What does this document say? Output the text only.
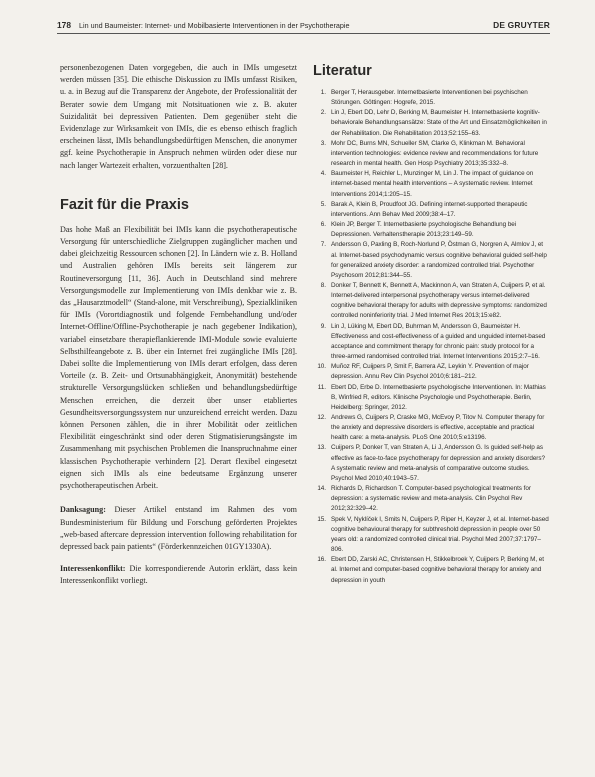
178 Lin und Baumeister: Internet- und Mobilbasierte Interventionen in der Psychotherapie	DE GRUYTER

personenbezogenen Daten vorgegeben, die auch in IMIs umgesetzt werden müssen [35]. Die ethische Diskussion zu IMIs umfasst Risiken, u. a. in Bezug auf die Transparenz der Angebote, der Professionalität der Berater sowie dem Umgang mit Notsituationen wie z. B. akuter Suizidalität bei depressiven Patienten. Dem gegenüber steht die Evidenzlage zur Wirksamkeit von IMIs, die es ebenso ethisch fraglich erscheinen lässt, IMIs behandlungsbedürftigen Menschen, die anonymer ggf. keine Psychotherapie in Anspruch nehmen würden oder diese nur nach langer Wartezeit erhalten, vorzuenthalten [28].

Fazit für die Praxis

Das hohe Maß an Flexibilität bei IMIs kann die psychotherapeutische Versorgung für unterschiedliche Zielgruppen zugänglicher machen und dabei gleichzeitig Ressourcen schonen [2]. In Ländern wie z. B. Holland und Australien gehören IMIs bereits seit längerem zur Routineversorgung [11, 36]. Auch in Deutschland sind mehrere Versorgungsmodelle zur Implementierung von IMIs denkbar wie z. B. das „Hausarztmodell“ (Stand-alone, mit Verschreibung), Spezialkliniken für IMIs (Vorortdiagnostik und folgende Fernbehandlung und/oder Internet-Offline/Offline-Psychotherapie je nach gegebener Indikation), variabel einsetzbare therapieflankierende IMI-Module sowie evaluierte Selbsthilfeangebote z. B. über ein Internet frei zugängliche IMIs [28]. Dabei sollte die Implementierung von IMIs derart erfolgen, dass deren Vorteile (z. B. Zeit- und Ortsunabhängigkeit, Anonymität) bestehende strukturelle Versorgungslücken schließen und behandlungsbedürftige Menschen erreichen, die derzeit über unser etabliertes Gesundheitsversorgungssystem nur unzureichend erreicht werden. Dazu können Personen zählen, die in ihrer Mobilität oder zeitlichen Flexibilität eingeschränkt sind oder deren Stigmatisierungsängste im Zusammenhang mit psychischen Problemen die Inanspruchnahme einer klassischen Psychotherapie verhindern [2]. Derart flexibel eingesetzt eignen sich IMIs als eine bedeutsame Ergänzung unserer psychotherapeutischen Arbeit.

Danksagung: Dieser Artikel entstand im Rahmen des vom Bundesministerium für Bildung und Forschung geförderten Projektes „web-based aftercare depression intervention following rehabilitation for depressed back pain patients“ (Förderkennzeichen 01GY1330A).

Interessenkonflikt: Die korrespondierende Autorin erklärt, dass kein Interessenkonflikt vorliegt.

Literatur
1. Berger T, Herausgeber. Internetbasierte Interventionen bei psychischen Störungen. Göttingen: Hogrefe, 2015.
2. Lin J, Ebert DD, Lehr D, Berking M, Baumeister H. Internetbasierte kognitiv-behaviorale Behandlungsansätze: State of the Art und Einsatzmöglichkeiten in der Rehabilitation. Die Rehabilitation 2013;52:155–63.
3. Mohr DC, Burns MN, Schueller SM, Clarke G, Klinkman M. Behavioral intervention technologies: evidence review and recommendations for future research in mental health. Gen Hosp Psychiatry 2013;35:332–8.
4. Baumeister H, Reichler L, Munzinger M, Lin J. The impact of guidance on internet-based mental health interventions – A systematic review. Internet Interventions 2014;1:205–15.
5. Barak A, Klein B, Proudfoot JG. Defining internet-supported therapeutic interventions. Ann Behav Med 2009;38:4–17.
6. Klein JP, Berger T. Internetbasierte psychologische Behandlung bei Depressionen. Verhaltenstherapie 2013;23:149–59.
7. Andersson G, Paxling B, Roch-Norlund P, Östman G, Norgren A, Almlov J, et al. Internet-based psychodynamic versus cognitive behavioral guided self-help for generalized anxiety disorder: a randomized controlled trial. Psychother Psychosom 2012;81:344–55.
8. Donker T, Bennett K, Bennett A, Mackinnon A, van Straten A, Cuijpers P, et al. Internet-delivered interpersonal psychotherapy versus internet-delivered cognitive behavioral therapy for adults with depressive symptoms: randomized controlled noninferiority trial. J Med Internet Res 2013;15:e82.
9. Lin J, Lüking M, Ebert DD, Buhrman M, Andersson G, Baumeister H. Effectiveness and cost-effectiveness of a guided and unguided internet-based acceptance and commitment therapy for chronic pain: study protocol for a three-armed randomised controlled trial. Internet Interventions 2015;2:7–16.
10. Muñoz RF, Cuijpers P, Smit F, Barrera AZ, Leykin Y. Prevention of major depression. Annu Rev Clin Psychol 2010;6:181–212.
11. Ebert DD, Erbe D. Internetbasierte psychologische Interventionen. In: Mathias B, Winfried R, editors. Klinische Psychologie und Psychotherapie. Berlin, Heidelberg: Springer, 2012.
12. Andrews G, Cuijpers P, Craske MG, McEvoy P, Titov N. Computer therapy for the anxiety and depressive disorders is effective, acceptable and practical health care: a meta-analysis. PLoS One 2010;5:e13196.
13. Cuijpers P, Donker T, van Straten A, Li J, Andersson G. Is guided self-help as effective as face-to-face psychotherapy for depression and anxiety disorders? A systematic review and meta-analysis of comparative outcome studies. Psychol Med 2010;40:1943–57.
14. Richards D, Richardson T. Computer-based psychological treatments for depression: a systematic review and meta-analysis. Clin Psychol Rev 2012;32:329–42.
15. Spek V, Nyklíček I, Smits N, Cuijpers P, Riper H, Keyzer J, et al. Internet-based cognitive behavioural therapy for subthreshold depression in people over 50 years old: a randomized controlled clinical trial. Psychol Med 2007;37:1797–806.
16. Ebert DD, Zarski AC, Christensen H, Stikkelbroek Y, Cuijpers P, Berking M, et al. Internet and computer-based cognitive behavioral therapy for anxiety and depression in youth
